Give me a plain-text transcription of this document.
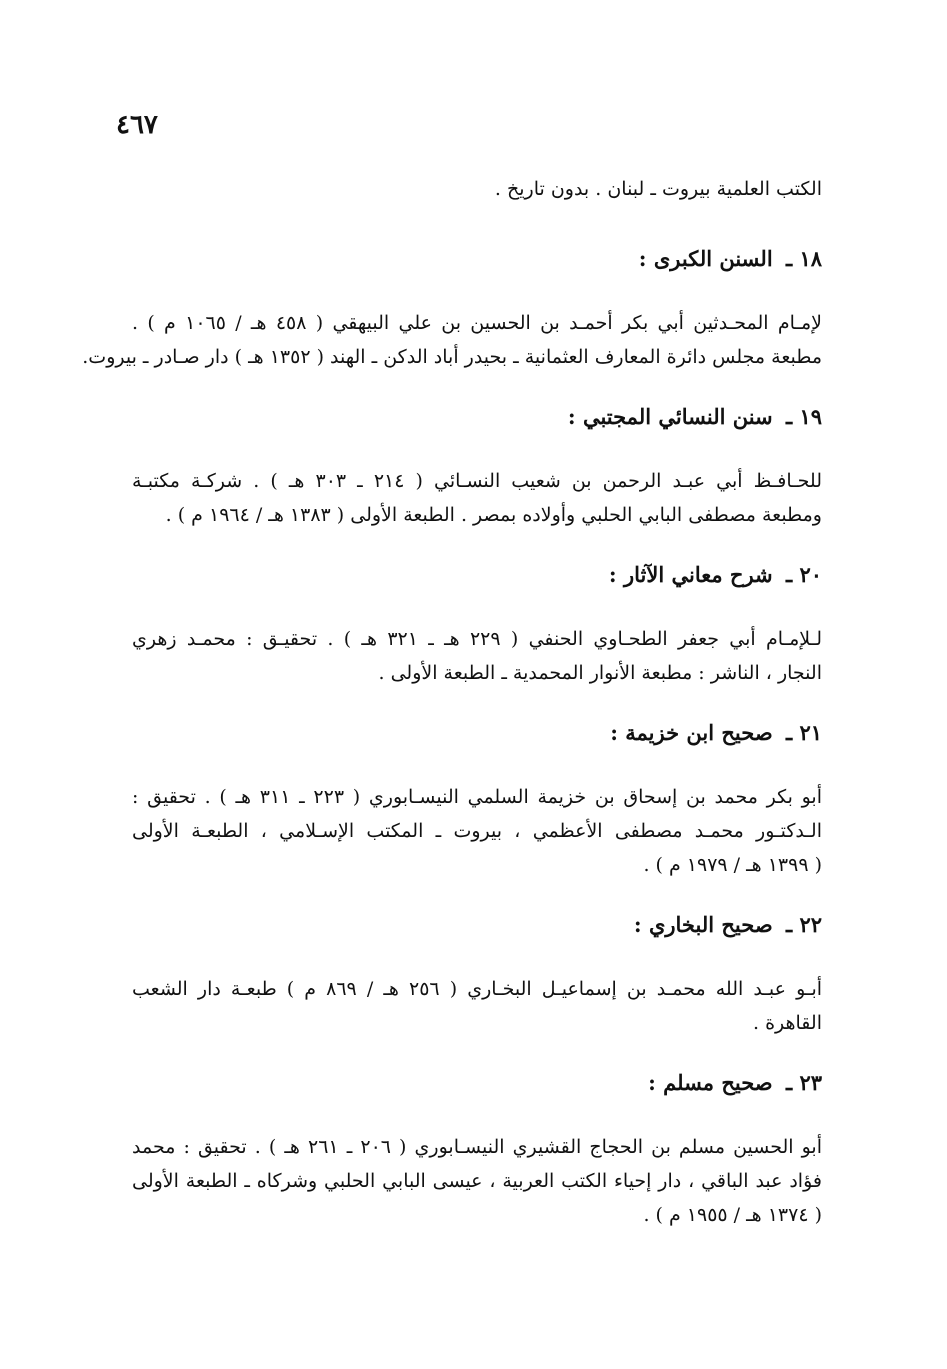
٤٦٧

الكتب العلمية بيروت ـ لبنان . بدون تاريخ .

١٨ ـ السنن الكبرى :
لإمـام المحـدثين أبي بكر أحمـد بن الحسين بن علي البيهقي ( ٤٥٨ هـ / ١٠٦٥ م ) .
مطبعة مجلس دائرة المعارف العثمانية ـ بحيدر أباد الدكن ـ الهند ( ١٣٥٢ هـ ) دار صـادر ـ بيروت.
١٩ ـ سنن النسائي المجتبي :
للحـافـظ أبي عبـد الرحمن بن شعيب النسـائي ( ٢١٤ ـ ٣٠٣ هـ ) . شركـة مكتبـة
ومطبعة مصطفى البابي الحلبي وأولاده بمصر . الطبعة الأولى ( ١٣٨٣ هـ / ١٩٦٤ م ) .
٢٠ ـ شرح معاني الآثار :
لـلإمـام أبي جعفر الطحـاوي الحنفي ( ٢٢٩ هـ ـ ٣٢١ هـ ) . تحقيـق : محمـد زهري
النجار ، الناشر : مطبعة الأنوار المحمدية ـ الطبعة الأولى .
٢١ ـ صحيح ابن خزيمة :
أبو بكر محمد بن إسحاق بن خزيمة السلمي النيسـابوري ( ٢٢٣ ـ ٣١١ هـ ) . تحقيق :
الـدكتـور محمـد مصطفى الأعظمي ، بيروت ـ المكتب الإسـلامي ، الطبعـة الأولى
( ١٣٩٩ هـ / ١٩٧٩ م ) .
٢٢ ـ صحيح البخاري :
أبـو عبـد الله محمـد بن إسماعيـل البخـاري ( ٢٥٦ هـ / ٨٦٩ م ) طبعـة دار الشعب
القاهرة .
٢٣ ـ صحيح مسلم :
أبو الحسين مسلم بن الحجاج القشيري النيسـابوري ( ٢٠٦ ـ ٢٦١ هـ ) . تحقيق : محمد
فؤاد عبد الباقي ، دار إحياء الكتب العربية ، عيسى البابي الحلبي وشركاه ـ الطبعة الأولى
( ١٣٧٤ هـ / ١٩٥٥ م ) .
